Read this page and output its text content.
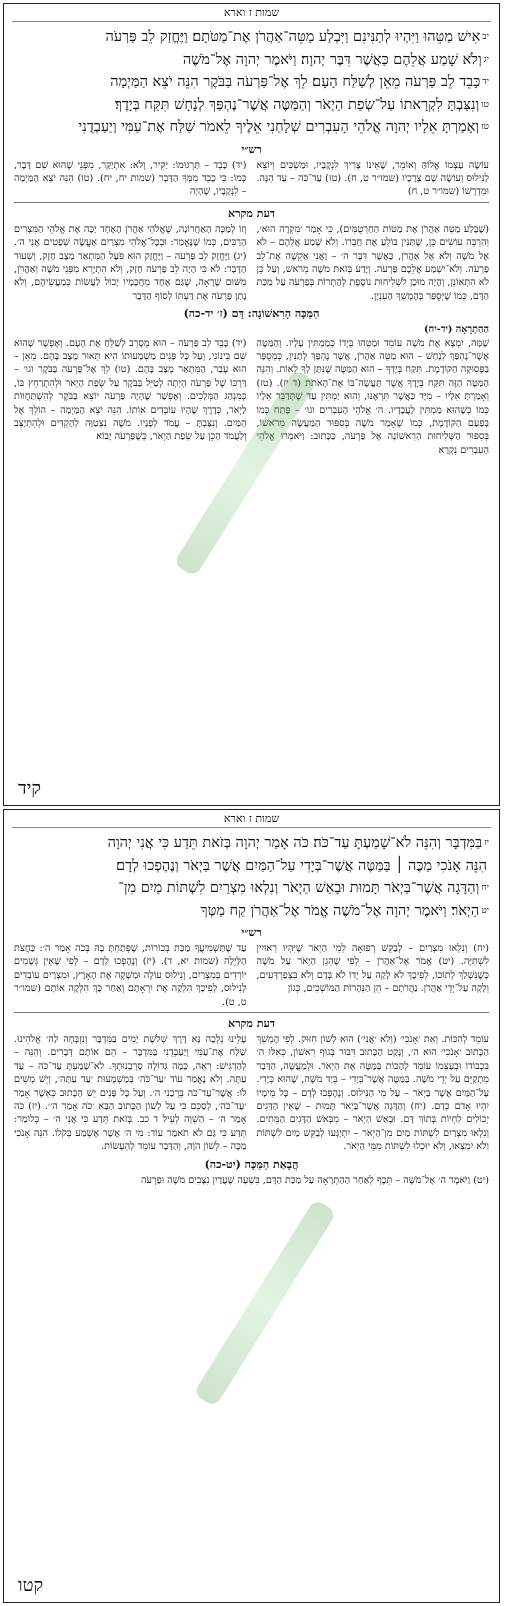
שמות ז וארא
$^{יב}$אִישׁ מַטֵּהוּ וַיִּהְיוּ לְתַנִּינִם וַיִּבְלַע מַטֵּה־אַהֲרֹן אֶת־מַטֹּתָם׃ וַיֶּחֱזַק לֵב פַּרְעֹה
$^{יג}$וְלֹא שָׁמַע אֲלֵהֶם כַּאֲשֶׁר דִּבֶּר יְהוָה׃ וַיֹּאמֶר יְהוָה אֶל־מֹשֶׁה
$^{יד}$כָּבֵד לֵב פַּרְעֹה מֵאֵן לְשַׁלַּח הָעָם׃ לֵךְ אֶל־פַּרְעֹה בַּבֹּקֶר הִנֵּה יֹצֵא הַמַּיְמָה
$^{טו}$וְנִצַּבְתָּ לִקְרָאתוֹ עַל־שְׂפַת הַיְאֹר וְהַמַּטֶּה אֲשֶׁר־נֶהְפַּךְ לְנָחָשׁ תִּקַּח בְּיָדֶךָ׃
$^{טז}$וְאָמַרְתָּ אֵלָיו יְהוָה אֱלֹהֵי הָעִבְרִים שְׁלָחַנִי אֵלֶיךָ לֵאמֹר שַׁלַּח אֶת־עַמִּי וְיַעַבְדֻנִי
רש״י
(יד) כָּבֵד – תַּרְגּוּמוֹ: יַקִּיר, וְלֹא: אִתְיַקַּר, מִפְּנֵי שֶׁהוּא שֵׁם דָּבָר, כְּמוֹ: כִּי כָבֵד מִמְּךָ הַדָּבָר (שמות יח, יח). (טו) הִנֵּה יֹצֵא הַמַּיְמָה – לִנְקָבָיו, שֶׁהָיָה
עוֹשֶׂה עַצְמוֹ אֱלוֹהַּ וְאוֹמֵר, שֶׁאֵינוֹ צָרִיךְ לִנְקָבָיו, וּמַשְׁכִּים וְיוֹצֵא לַנִּילוּס וְעוֹשֶׂה שָׁם צְרָכָיו (שמו״ר ט, ח). (טז) עַד־כֹּה – עַד הֵנָּה. וּמִדְרָשׁוֹ (שמו״ר ט, ח)
דעת מקרא
וְזוֹ לְמַכָּה הָאַחֲרוֹנָה, שֶׁאֱלֹהֵי אַהֲרֹן הָאֶחָד יַכֶּה אֶת אֱלֹהֵי הַמִּצְרִים הָרַבִּים, כְּמוֹ שֶׁנֶּאֱמַר: וּבְכָל־אֱלֹהֵי מִצְרַיִם אֶעֱשֶׂה שְׁפָטִים אֲנִי ה׳. (יג) וַיֶּחֱזַק לֵב פַּרְעֹה – וַיֶּחֱזַק הוּא פֹּעַל הַמִּתְאַר מָצָב חָזָק, וְשִׁעוּר הַדָּבָר: לֹא כִּי הָיָה לֵב פַּרְעֹה חָזָק, וְלֹא הִתְיָרֵא מִפְּנֵי מֹשֶׁה וְאַהֲרֹן, מִשּׁוּם שֶׁרָאָה, שֶׁגַּם אֶחָד מֵחֲכָמָיו יָכוֹל לַעֲשׂוֹת כְּמַעֲשֵׂיהֶם, וְלֹא נָתַן פַּרְעֹה אֶת דַּעְתּוֹ לְסוֹף הַדָּבָר
(שֶׁבָּלַע מַטֵּה אַהֲרֹן אֶת מַטּוֹת הַחַרְטֻמִּים), כִּי אָמַר ׳מִקְרֶה הוּא׳, וְהַרְבֵּה עוֹשִׂים כֵּן, שֶׁתַּנִּין בּוֹלֵעַ אֶת חֲבֵרוֹ. וְלֹא שָׁמַע אֲלֵהֶם – לֹא אֶל מֹשֶׁה וְלֹא אֶל אַהֲרֹן, כַּאֲשֶׁר דִּבֶּר ה׳ – וַאֲנִי אַקְשֶׁה אֶת־לֵב פַּרְעֹה. וְלֹא־יִשְׁמַע אֲלֵכֶם פַּרְעֹה. וְיָדַע בְּזֹאת מֹשֶׁה מֵרֹאשׁ, וְעַל כֵּן לֹא הִתְאוֹנֵן, וְהָיָה מוּכָן לִשְׁלִיחוּת נוֹסֶפֶת לְהַתְרוֹת בְּפַרְעֹה עַל מַכַּת הַדָּם, כְּמוֹ שֶׁיְּסֻפַּר בְּהֶמְשֵׁךְ הָעִנְיָן.
הַמַּכָּה הָרִאשׁוֹנָה: דָּם (ז׳ יד-כה)
הַהַתְרָאָה (יד-יח)
(יד) כָּבֵד לֵב פַּרְעֹה – הוּא מְסָרֵב לְשַׁלֵּחַ אֶת הָעָם. וְאֶפְשָׁר שֶׁהוּא שֵׁם בֵּינוֹנִי, וְעַל כָּל פָּנִים מַשְׁמָעוּתוֹ הִיא תֵּאוּר מָצָב בָּהֶם. מֵאֵן – הוּא עָבַר, הַמִּתְאַר מָצָב בָּהֶם. (טו) לֵךְ אֶל־פַּרְעֹה בַּבֹּקֶר וגו׳ – דַּרְכּוֹ שֶׁל פַּרְעֹה הָיְתָה לְטַיֵּל בַּבֹּקֶר עַל שְׂפַת הַיְאֹר וּלְהִתְרַחֵץ בּוֹ, כְּמִנְהַג הַמְּלָכִים. וְאֶפְשָׁר שֶׁהָיָה פַּרְעֹה יוֹצֵא בַּבֹּקֶר לְהִשְׁתַּחֲווֹת לַיְאֹר, כְּדֶרֶךְ שֶׁהָיוּ עוֹבְדִים אוֹתוֹ. הִנֵּה יֹצֵא הַמַּיְמָה – הוֹלֵךְ אֶל הַמַּיִם. וְנִצַּבְתָּ – עֲמֹד לְפָנָיו. מֹשֶׁה נִצְטַוָּה לְהַקְדִּים וּלְהִתְיַצֵּב וְלַעֲמֹד הָכֵן עַל שְׂפַת הַיְאֹר, כְּשֶׁפַּרְעֹה יָבוֹא
שָׁמָּה, יִמְצָא אֶת מֹשֶׁה עוֹמֵד וּמַטֵּהוּ בְּיָדוֹ כְּמַמְתִּין עָלָיו. וְהַמַּטֶּה אֲשֶׁר־נֶהְפַּךְ לְנָחָשׁ – הוּא מַטֵּה אַהֲרֹן, אֲשֶׁר נֶהְפַּךְ לְתַנִּין, כְּמְסֻפָּר בַּפְּסוּקָה הַקּוֹדֶמֶת. תִּקַּח בְּיָדְךָ – הוּא הַמַּטֶּה שֶׁנִּתַּן לְךָ לְאוֹת. וְהִנֵּה הַמַּטֶּה הַזֶּה תִּקַּח בְּיָדֶךָ אֲשֶׁר תַּעֲשֶׂה־בּוֹ אֶת־הָאֹתֹת (ד יז). (טז) וְאָמַרְתָּ אֵלָיו – מִיָּד כַּאֲשֶׁר תִּרְאֶנּוּ, וְהוּא יַמְתִּין עַד שֶׁתְּדַבֵּר אֵלָיו כְּמוֹ כְּשֶׁהוּא מַמְתִּין לַעֲבָדָיו. ה׳ אֱלֹהֵי הָעִבְרִים וגו׳ – פָּתַח כְּמוֹ בְּפַעַם הַקּוֹדֶמֶת, כְּמוֹ שֶׁאָמַר מֹשֶׁה בְּסִפּוּר הַמַּעֲשֶׂה מֵרֹאשׁוֹ, בְּסִפּוּר הַשְּׁלִיחוּת הָרִאשׁוֹנָה אֶל פַּרְעֹה, כַּכָּתוּב: וַיֹּאמְרוּ אֱלֹהֵי הָעִבְרִים נִקְרָא
קיד
שמות ז וארא
$^{יז}$בַּמִּדְבָּר וְהִנֵּה לֹא־שָׁמַעְתָּ עַד־כֹּה׃ כֹּה אָמַר יְהוָה בְּזֹאת תֵּדַע כִּי אֲנִי יְהוָה
הִנֵּה אָנֹכִי מַכֶּה ׀ בַּמַּטֶּה אֲשֶׁר־בְּיָדִי עַל־הַמַּיִם אֲשֶׁר בַּיְאֹר וְנֶהֶפְכוּ לְדָם׃
$^{יח}$וְהַדָּגָה אֲשֶׁר־בַּיְאֹר תָּמוּת וּבָאַשׁ הַיְאֹר וְנִלְאוּ מִצְרַיִם לִשְׁתּוֹת מַיִם מִן־
$^{יט}$הַיְאֹר׃ וַיֹּאמֶר יְהוָה אֶל־מֹשֶׁה אֱמֹר אֶל־אַהֲרֹן קַח מַטְּךָ
רש״י
עַד שֶׁתַּשְׁמִיעֲךָ מַכַּת בְּכוֹרוֹת, שֶׁפְּתַחְתָּ בָהּ בְּכֹה אָמַר ה׳: כַּחֲצֹת הַלַּיְלָה (שמות יא, ד). (יז) וְנֶהֶפְכוּ לְדָם – לְפִי שֶׁאֵין גְּשָׁמִים יוֹרְדִים בְּמִצְרַיִם, וְנִילוּס עוֹלֶה וּמַשְׁקֶה אֶת הָאָרֶץ, וּמִצְרַיִם עוֹבְדִים לְנִילוּס, לְפִיכָךְ הִלְקָה אֶת יִרְאָתָם וְאַחַר כָּךְ הִלְקָה אוֹתָם (שמו״ר ט, ט).
(יח) וְנִלְאוּ מִצְרַיִם – לְבַקֵּשׁ רְפוּאָה לְמֵי הַיְאֹר שֶׁיִּהְיוּ רְאוּיִין לִשְׁתִּיָּה. (יט) אֱמֹר אֶל־אַהֲרֹן – לְפִי שֶׁהֵגֵן הַיְאֹר עַל מֹשֶׁה כְּשֶׁנִּשְׁלַךְ לְתוֹכוֹ, לְפִיכָךְ לֹא לָקָה עַל יָדוֹ לֹא בְּדָם וְלֹא בִּצְפַרְדְּעִים, וְלָקָה עַל־יְדֵי אַהֲרֹן. נַהֲרֹתָם – הֵן הַנְּהָרוֹת הַמּוֹשְׁכִים, כְּגוֹן
דעת מקרא
עָלֵינוּ נֵלְכָה נָּא דֶּרֶךְ שְׁלֹשֶׁת יָמִים בַּמִּדְבָּר וְנִזְבְּחָה לַה׳ אֱלֹהֵינוּ. שַׁלַּח אֶת־עַמִּי וְיַעַבְדֻנִי בַּמִּדְבָּר – הֵם אוֹתָם דְּבָרִים. וְהִנֵּה – לְהַדְגִּישׁ: רְאֵה, כָּמָה גְּדוֹלָה סָרְבָנוּתְךָ. לֹא־שָׁמַעְתָּ עַד־כֹּה – עַד עַתָּה. וְלֹא נֶאֱמַר עוֹד ׳עַד־כֹּה׳ בְּמַשְׁמָעוּת ׳עַד עַתָּה׳, וְיֵשׁ מְשִׁים לֹו: אֲשֶׁר־עַד־כֹּה בֵּרְכַנִי ה׳. וְעַל כָּל פָּנִים יֵשׁ הַכָּתוּב כְּאֵשֶׁר אָמַר ׳עַד־כֹּה׳, לְסַכֵּם כִּי עַל לְשׁוֹן הַכָּתוּב הַבָּא ׳כֹּה אָמַר ה׳׳. (יז) כֹּה אָמַר ה׳ – הַשְׁוֵה לְעֵיל ד כב. בְּזֹאת תֵּדַע כִּי אֲנִי ה׳ – כְּלוֹמַר: תֵּדַע כִּי גַּם לֹא תֹאמַר עוֹד: מִי ה׳ אֲשֶׁר אֶשְׁמַע בְּקֹלוֹ. הִנֵּה אָנֹכִי מַכֶּה – לְשׁוֹן הֹוֶה, וְהַדָּבָר עוֹמֵד לְהֵעָשׂוֹת.
עוֹמֵד לְהִכּוֹת. וְאֵת ׳אָנֹכִי׳ (וְלֹא ׳אֲנִי׳) הוּא לְשׁוֹן חִזּוּק. לְפִי הֶמְשֵׁךְ הַכָּתוּב ׳אָנֹכִי׳ הוּא ה׳, וְנָקַט הַכָּתוּב דִּבּוּר בְּגוּף רִאשׁוֹן, כְּאִלּוּ ה׳ בִּכְבוֹדוֹ וּבְעַצְמוֹ עוֹמֵד לְהַכּוֹת בַּמַּטֶּה אֶת הַיְאֹר. וּלְמַעֲשֶׂה, הַדָּבָר מִתְקַיֵּם עַל יְדֵי מֹשֶׁה. בַּמַּטֶּה אֲשֶׁר־בְּיָדִי – בְּיַד מֹשֶׁה, שֶׁהוּא כְּיָדִי. עַל־הַמַּיִם אֲשֶׁר בַּיְאֹר – עַל מֵי הַנִּילוּס. וְנֶהֶפְכוּ לְדָם – כָּל מֵימָיו יִהְיוּ אָדֹם כְּדָם. (יח) וְהַדָּגָה אֲשֶׁר־בַּיְאֹר תָּמוּת – שֶׁאֵין הַדָּגִים יְכוֹלִים לִחְיוֹת בְּתוֹךְ דָּם. וּבָאַשׁ הַיְאֹר – מִבְּאֹשׁ הַדָּגִים הַמֵּתִים. וְנִלְאוּ מִצְרַיִם לִשְׁתּוֹת מַיִם מִן־הַיְאֹר – יִתְיַגְּעוּ לְבַקֵּשׁ מַיִם לִשְׁתּוֹת וְלֹא יִמְצְאוּ, וְלֹא יוּכְלוּ לִשְׁתּוֹת מִמֵּי הַיְאֹר.
הֲבָאַת הַמַּכָּה (יט-כה)
(יט) וַיֹּאמֶר ה׳ אֶל־מֹשֶׁה – תֵּכֶף לְאַחַר הַהַתְרָאָה עַל מַכַּת הַדָּם, בִּשְׁעָה שֶׁעֲדַיִן נִצָּבִים מֹשֶׁה וּפַרְעֹה
קטו
